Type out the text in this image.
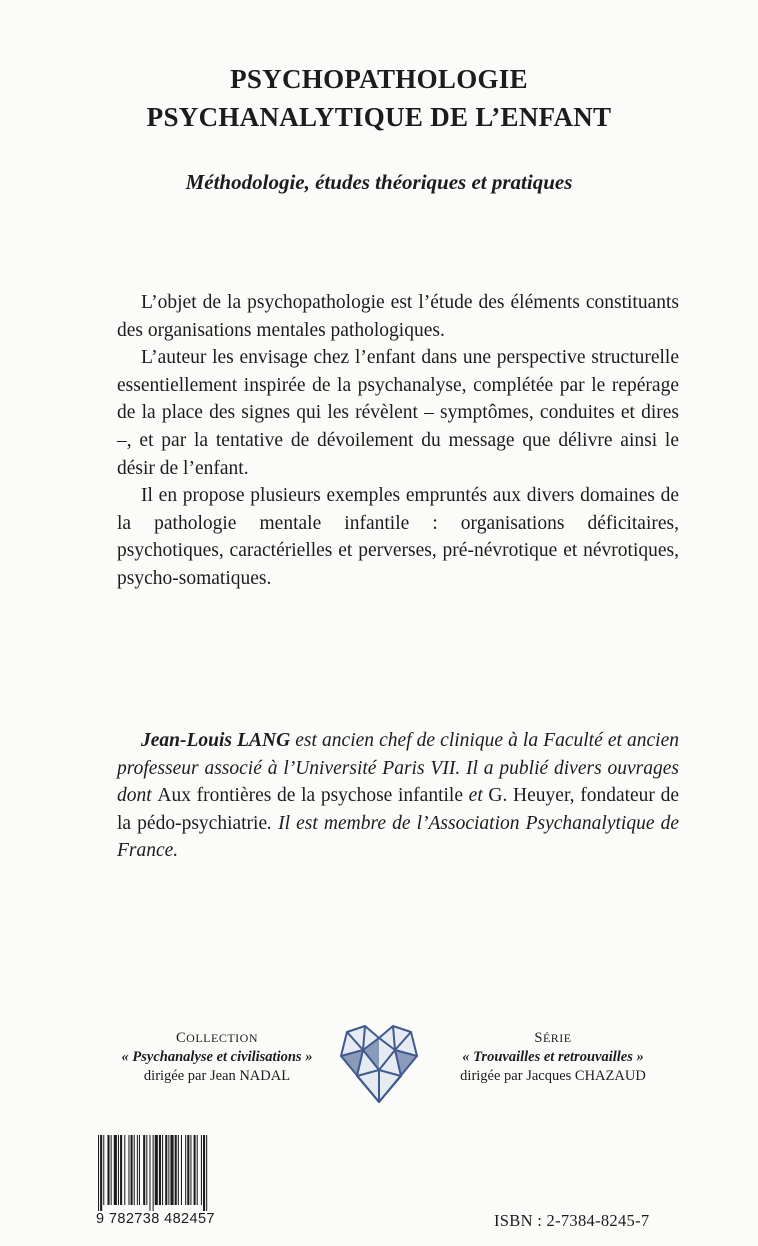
PSYCHOPATHOLOGIE
PSYCHANALYTIQUE DE L’ENFANT
Méthodologie, études théoriques et pratiques

L’objet de la psychopathologie est l’étude des éléments constituants des organisations mentales pathologiques.

L’auteur les envisage chez l’enfant dans une perspective structurelle essentiellement inspirée de la psychanalyse, complétée par le repérage de la place des signes qui les révèlent – symptômes, conduites et dires –, et par la tentative de dévoilement du message que délivre ainsi le désir de l’enfant.

Il en propose plusieurs exemples empruntés aux divers domaines de la pathologie mentale infantile : organisations déficitaires, psychotiques, caractérielles et perverses, pré-névrotique et névrotiques, psycho-somatiques.

Jean-Louis LANG est ancien chef de clinique à la Faculté et ancien professeur associé à l’Université Paris VII. Il a publié divers ouvrages dont Aux frontières de la psychose infantile et G. Heuyer, fondateur de la pédo-psychiatrie. Il est membre de l’Association Psychanalytique de France.
COLLECTION
« Psychanalyse et civilisations »
dirigée par Jean NADAL
SÉRIE
« Trouvailles et retrouvailles »
dirigée par Jacques CHAZAUD
9 782738 482457	ISBN : 2-7384-8245-7
